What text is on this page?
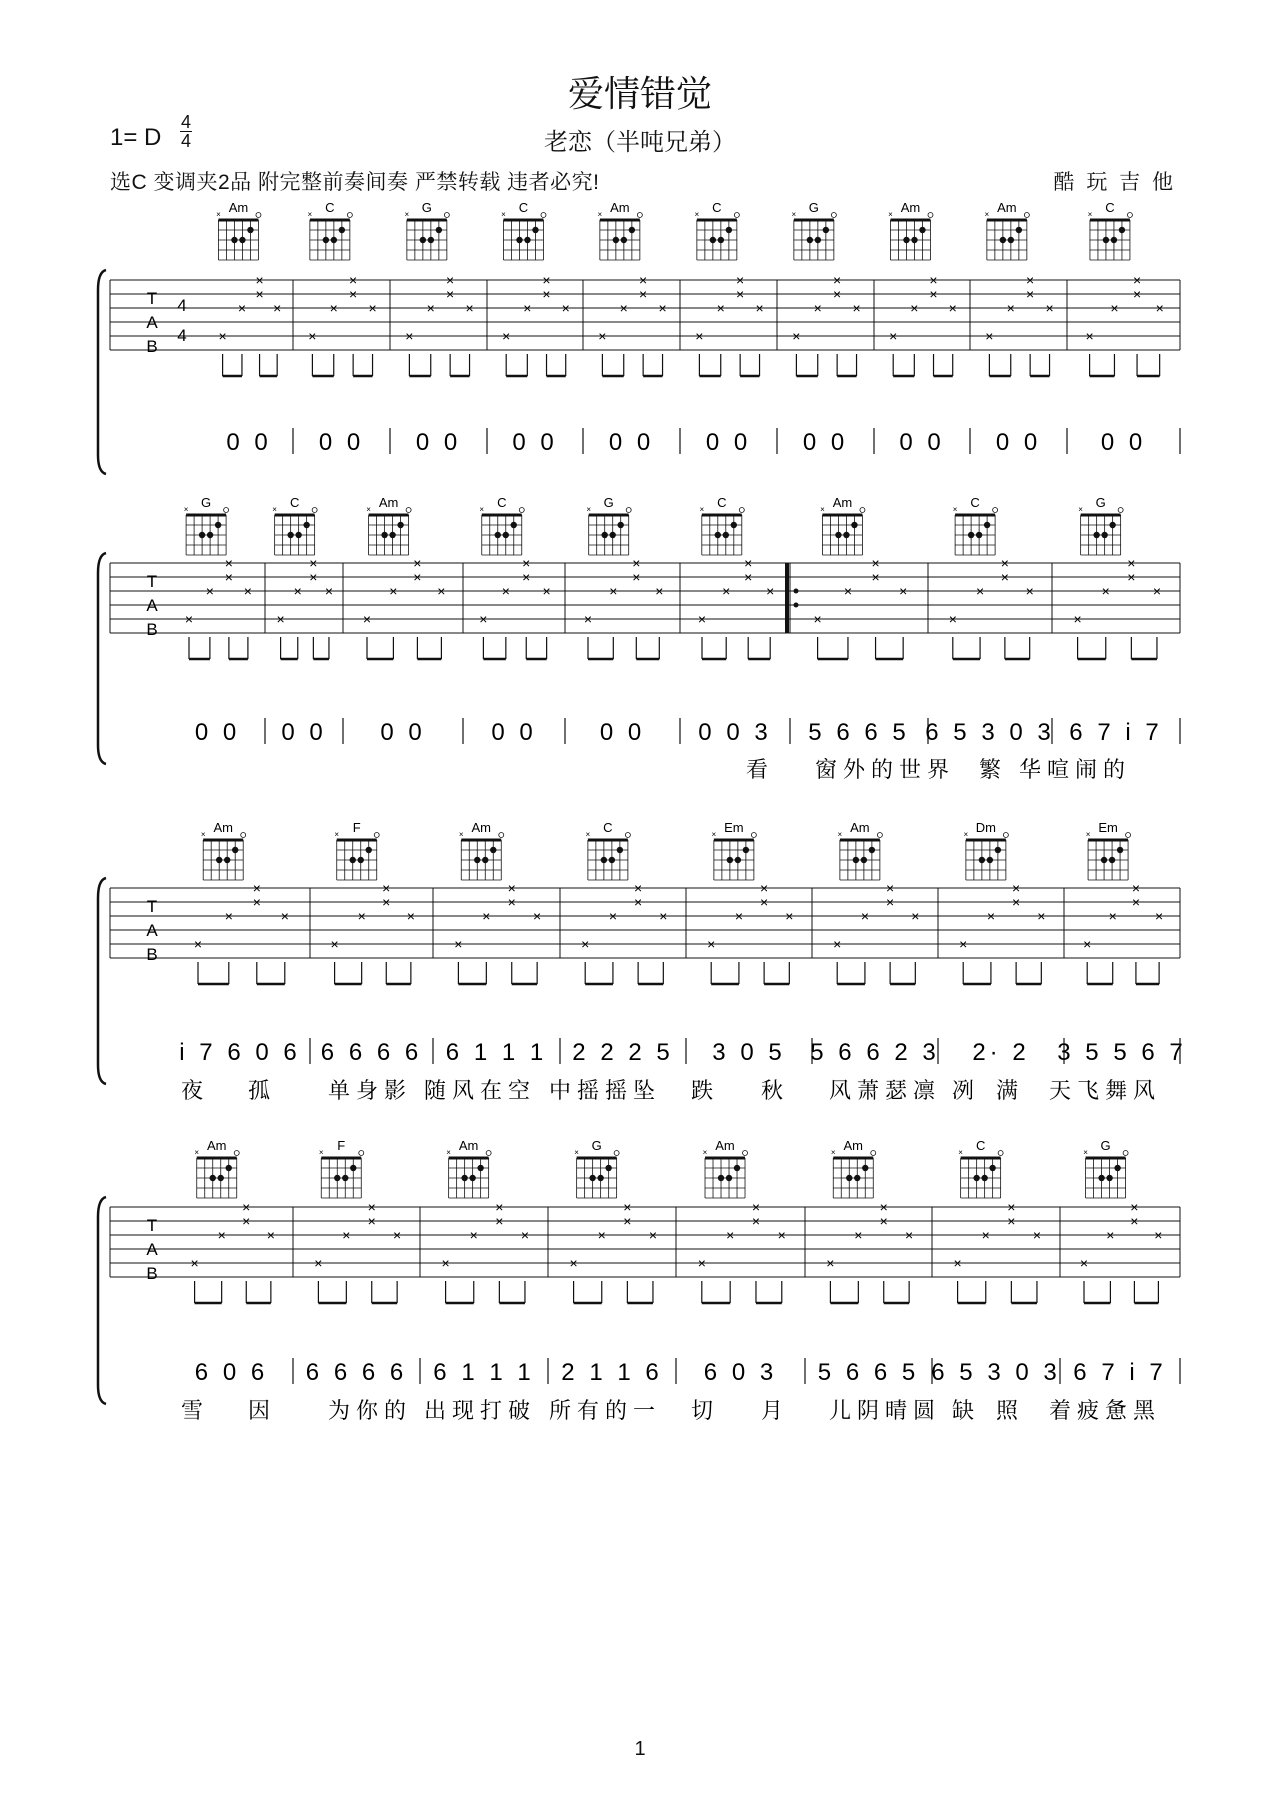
爱情错觉
老恋（半吨兄弟）
1= D
4
4
选C 变调夹2品 附完整前奏间奏 严禁转载 违者必究!	酷 玩 吉 他
T
A
B
4
4
Am
×
×
×
×
×
×
0 0
C
×
×
×
×
×
×
0 0
G
×
×
×
×
×
×
0 0
C
×
×
×
×
×
×
0 0
Am
×
×
×
×
×
×
0 0
C
×
×
×
×
×
×
0 0
G
×
×
×
×
×
×
0 0
Am
×
×
×
×
×
×
0 0
Am
×
×
×
×
×
×
0 0
C
×
×
×
×
×
×
0 0
T
A
B
G
×
×
×
×
×
×
0 0
C
×
×
×
×
×
×
0 0
Am
×
×
×
×
×
×
0 0
C
×
×
×
×
×
×
0 0
G
×
×
×
×
×
×
0 0
C
×
×
×
×
×
×
0 0 3
Am
×
×
×
×
×
×
5 6 6 5
C
×
×
×
×
×
×
6 5 3 0 3
G
×
×
×
×
×
×
6 7 i 7
看 窗外的世界 繁 华喧闹的
T
A
B
Am
×
×
×
×
×
×
i 7 6 0 6
F
×
×
×
×
×
×
6 6 6 6
Am
×
×
×
×
×
×
6 1 1 1
C
×
×
×
×
×
×
2 2 2 5
Em
×
×
×
×
×
×
3 0 5
Am
×
×
×
×
×
×
5 6 6 2 3
Dm
×
×
×
×
×
×
2· 2
Em
×
×
×
×
×
×
3 5 5 6 7
夜 孤 单身影 随风在空 中摇摇坠 跌 秋 风萧瑟凛 冽 满 天飞舞风
T
A
B
Am
×
×
×
×
×
×
6 0 6
F
×
×
×
×
×
×
6 6 6 6
Am
×
×
×
×
×
×
6 1 1 1
G
×
×
×
×
×
×
2 1 1 6
Am
×
×
×
×
×
×
6 0 3
Am
×
×
×
×
×
×
5 6 6 5
C
×
×
×
×
×
×
6 5 3 0 3
G
×
×
×
×
×
×
6 7 i 7
雪 因 为你的 出现打破 所有的一 切 月 儿阴晴圆 缺 照 着疲惫黑
1
